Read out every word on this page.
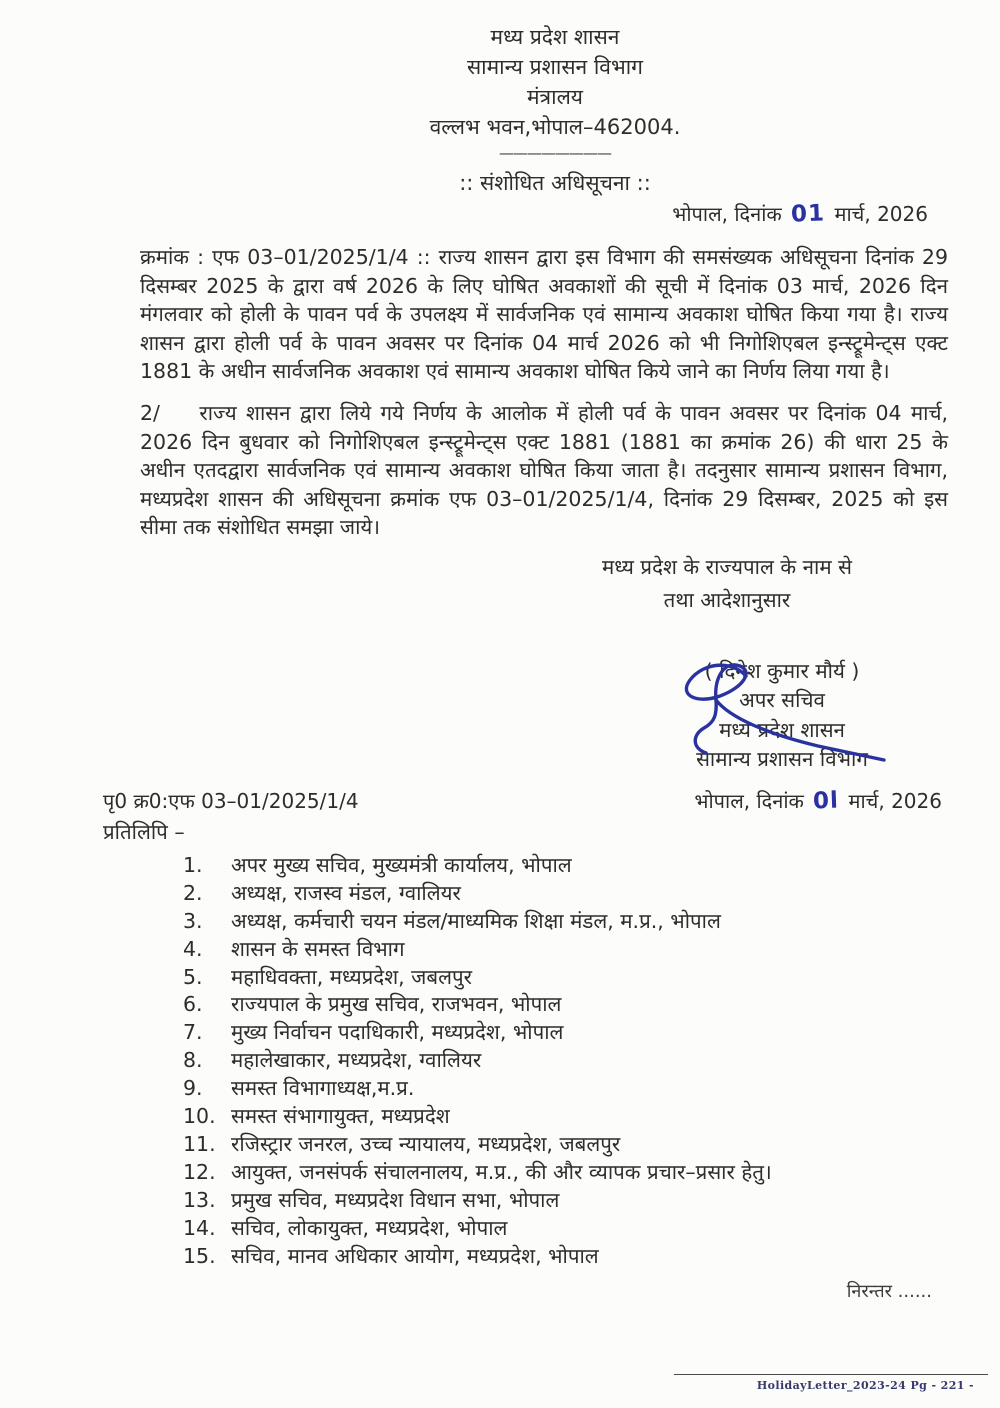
मध्य प्रदेश शासन
सामान्य प्रशासन विभाग
मंत्रालय
वल्लभ भवन,भोपाल–462004.
————————
:: संशोधित अधिसूचना ::
भोपाल, दिनांक 01 मार्च, 2026
क्रमांक : एफ 03–01/2025/1/4 :: राज्य शासन द्वारा इस विभाग की समसंख्यक अधिसूचना दिनांक 29 दिसम्बर 2025 के द्वारा वर्ष 2026 के लिए घोषित अवकाशों की सूची में दिनांक 03 मार्च, 2026 दिन मंगलवार को होली के पावन पर्व के उपलक्ष्य में सार्वजनिक एवं सामान्य अवकाश घोषित किया गया है। राज्य शासन द्वारा होली पर्व के पावन अवसर पर दिनांक 04 मार्च 2026 को भी निगोशिएबल इन्स्ट्रूमेन्ट्स एक्ट 1881 के अधीन सार्वजनिक अवकाश एवं सामान्य अवकाश घोषित किये जाने का निर्णय लिया गया है।
2/ राज्य शासन द्वारा लिये गये निर्णय के आलोक में होली पर्व के पावन अवसर पर दिनांक 04 मार्च, 2026 दिन बुधवार को निगोशिएबल इन्स्ट्रूमेन्ट्स एक्ट 1881 (1881 का क्रमांक 26) की धारा 25 के अधीन एतदद्वारा सार्वजनिक एवं सामान्य अवकाश घोषित किया जाता है। तदनुसार सामान्य प्रशासन विभाग, मध्यप्रदेश शासन की अधिसूचना क्रमांक एफ 03–01/2025/1/4, दिनांक 29 दिसम्बर, 2025 को इस सीमा तक संशोधित समझा जाये।
मध्य प्रदेश के राज्यपाल के नाम से
तथा आदेशानुसार
( दिनेश कुमार मौर्य )
अपर सचिव
मध्य प्रदेश शासन
सामान्य प्रशासन विभाग
पृ0 क्र0:एफ 03–01/2025/1/4	भोपाल, दिनांक 0l मार्च, 2026
प्रतिलिपि –
1.	अपर मुख्य सचिव, मुख्यमंत्री कार्यालय, भोपाल
2.	अध्यक्ष, राजस्व मंडल, ग्वालियर
3.	अध्यक्ष, कर्मचारी चयन मंडल/माध्यमिक शिक्षा मंडल, म.प्र., भोपाल
4.	शासन के समस्त विभाग
5.	महाधिवक्ता, मध्यप्रदेश, जबलपुर
6.	राज्यपाल के प्रमुख सचिव, राजभवन, भोपाल
7.	मुख्य निर्वाचन पदाधिकारी, मध्यप्रदेश, भोपाल
8.	महालेखाकार, मध्यप्रदेश, ग्वालियर
9.	समस्त विभागाध्यक्ष,म.प्र.
10. समस्त संभागायुक्त, मध्यप्रदेश
11. रजिस्ट्रार जनरल, उच्च न्यायालय, मध्यप्रदेश, जबलपुर
12. आयुक्त, जनसंपर्क संचालनालय, म.प्र., की और व्यापक प्रचार–प्रसार हेतु।
13. प्रमुख सचिव, मध्यप्रदेश विधान सभा, भोपाल
14. सचिव, लोकायुक्त, मध्यप्रदेश, भोपाल
15. सचिव, मानव अधिकार आयोग, मध्यप्रदेश, भोपाल
निरन्तर ......
HolidayLetter_2023-24 Pg - 221 -
